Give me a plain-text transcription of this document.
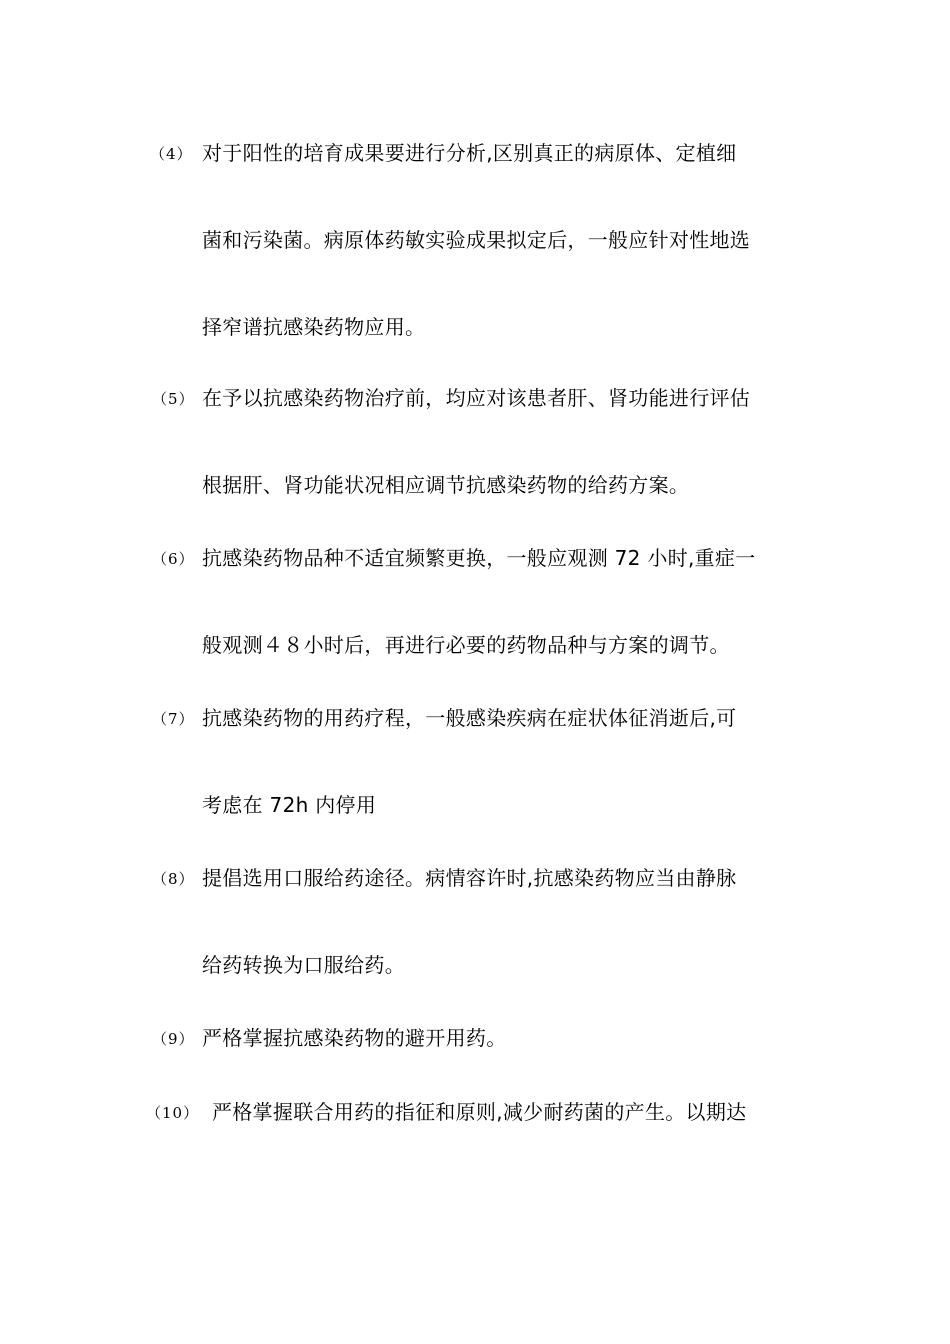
（4） 对于阳性的培育成果要进行分析,区别真正的病原体、定植细
菌和污染菌。病原体药敏实验成果拟定后，一般应针对性地选
择窄谱抗感染药物应用。
（5） 在予以抗感染药物治疗前，均应对该患者肝、肾功能进行评估
根据肝、肾功能状况相应调节抗感染药物的给药方案。
（6） 抗感染药物品种不适宜频繁更换，一般应观测 72 小时,重症一
般观测４８小时后，再进行必要的药物品种与方案的调节。
（7） 抗感染药物的用药疗程，一般感染疾病在症状体征消逝后,可
考虑在 72h 内停用
（8） 提倡选用口服给药途径。病情容许时,抗感染药物应当由静脉
给药转换为口服给药。
（9） 严格掌握抗感染药物的避开用药。
（10） 严格掌握联合用药的指征和原则,减少耐药菌的产生。以期达
